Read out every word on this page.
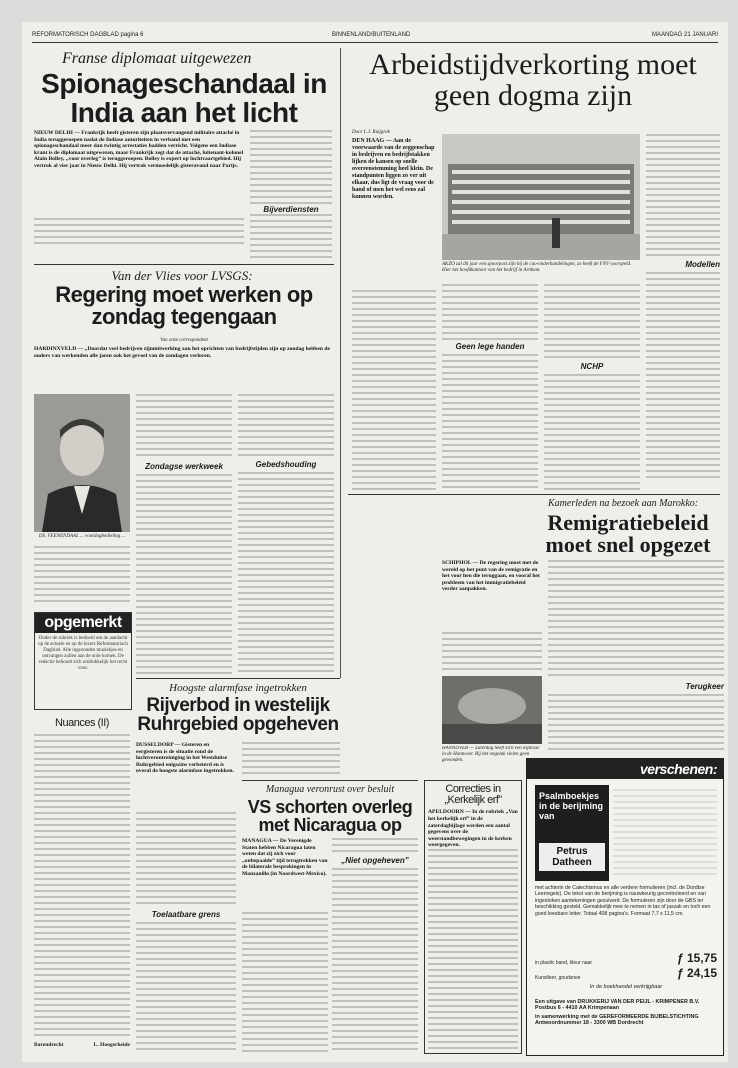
REFORMATORISCH DAGBLAD pagina 6	BINNENLAND/BUITENLAND	MAANDAG 21 JANUARI
Franse diplomaat uitgewezen
Spionageschandaal in India aan het licht
NIEUW DELHI — Frankrijk heeft gisteren zijn plaatsvervangend militaire attaché in India teruggeroepen nadat de Indiase autoriteiten in verband met een spionageschandaal meer dan twintig arrestaties hadden verricht. Volgens een Indiase krant is de diplomaat uitgewezen, maar Frankrijk zegt dat de attaché, luitenant-kolonel Alain Bolley, „voor overleg” is teruggeroepen. Bolley is expert op luchtvaartgebied. Hij vertrok al vier jaar in Nieuw Delhi. Hij vertrok vermoedelijk gisteravond naar Parijs.
Bijverdiensten
Van der Vlies voor LVSGS:
Regering moet werken op zondag tegengaan
Van onze correspondent
HARDINXVELD — „Doordat veel bedrijven zijnmitwerking aan het oprichten van bedrijfstijden zijn op zondag hebben de ouders van werkenden alle jaren ook het gevoel van de zondagen verloren.
DS. VEENENDAAL ... voordagbedieling ...
Zondagse werkweek	Gebedshouding
Arbeidstijdverkorting moet geen dogma zijn
Door L.J. Ruijgrok
DEN HAAG — Aan de voorwaarde van de zeggenschap in bedrijven en bedrijfstakken lijken de kansen op snelle overeenstemming heel klein. De standpunten liggen zo ver uit elkaar, dus ligt de vraag voor de hand of men het wel eens zal kunnen worden.
AKZO zal dit jaar een spoorpost zijn bij de cao-onderhandelingen, zo heeft de FNV voorspeld. Hier het hoofdkantoor van het bedrijf in Arnhem.
Modellen
Geen lege handen
NCHP
opgemerkt
Onder de rubriek is bedoeld om de aandacht op de actuele en op de lezers Reformatorisch Dagblad. Alle ingezonden muziekjes en ontvangen zullen aan de orde komen. De redactie behoudt zich uitdrukkelijk het recht voor.
Nuances (II)
Barendrecht	L. Hoogerheide
Hoogste alarmfase ingetrokken
Rijverbod in westelijk Ruhrgebied opgeheven
DUSSELDORP — Gisteren en eergisteren is de situatie rond de luchtverontreiniging in het Westduitse Ruhrgebied enigszins verbeterd en is overal de hoogste alarmfase ingetrokken.
Toelaatbare grens
Managua veronrust over besluit
VS schorten overleg met Nicaragua op
MANAGUA — De Verenigde Staten hebben Nicaragua laten weten dat zij zich voor „onbepaalde” tijd terugtrekken van de bilaterale besprekingen in Manzanillo (in Noordwest-Mexico).
„Niet opgeheven”
Correcties in „Kerkelijk erf”
APELDOORN — In de rubriek „Van het kerkelijk erf” in de zaterdagbijlage werden een aantal gegevens over de weerstandbewegingen in de kerken weergegeven.
Kamerleden na bezoek aan Marokko:
Remigratiebeleid moet snel opgezet
SCHIPHOL — De regering moet met de wereld op het punt van de remigratie en het voor hen die teruggaan, en vooral het probleem van het immigratiebeleid verder aanpakken.
HANNOVER — Zaterdag heeft zich een explosie in de Hannover. Bij het ongeluk vielen geen gewonden.
Terugkeer
verschenen:
Psalmboekjes in de berijming van
Petrus Datheen
met achterin de Catechismus en alle verdere formulieren (incl. de Dordtse Leerregels). De tekst van de berijming is nauwkeurig gecontroleerd en van ingestoken aantekeningen gezuiverd. De formuleren zijn door de GBS ter beschikking gesteld. Gemakkelijk mee te nemen in tas of jaszak en toch een goed leesbare letter. Totaal 408 pagina's. Formaat 7,7 x 11,5 cm.
in plastic band, kleur naar	ƒ 15,75
Kunstleer, goudsnee	ƒ 24,15
In de boekhandel verkrijgbaar
Een uitgave van DRUKKERIJ VAN DER PEIJL - KRIMPENER B.V. Postbus 6 - 4410 AA Krimpenaan
in samenwerking met de GEREFORMEERDE BIJBELSTICHTING Antwoordnummer 18 - 3300 WB Dordrecht
